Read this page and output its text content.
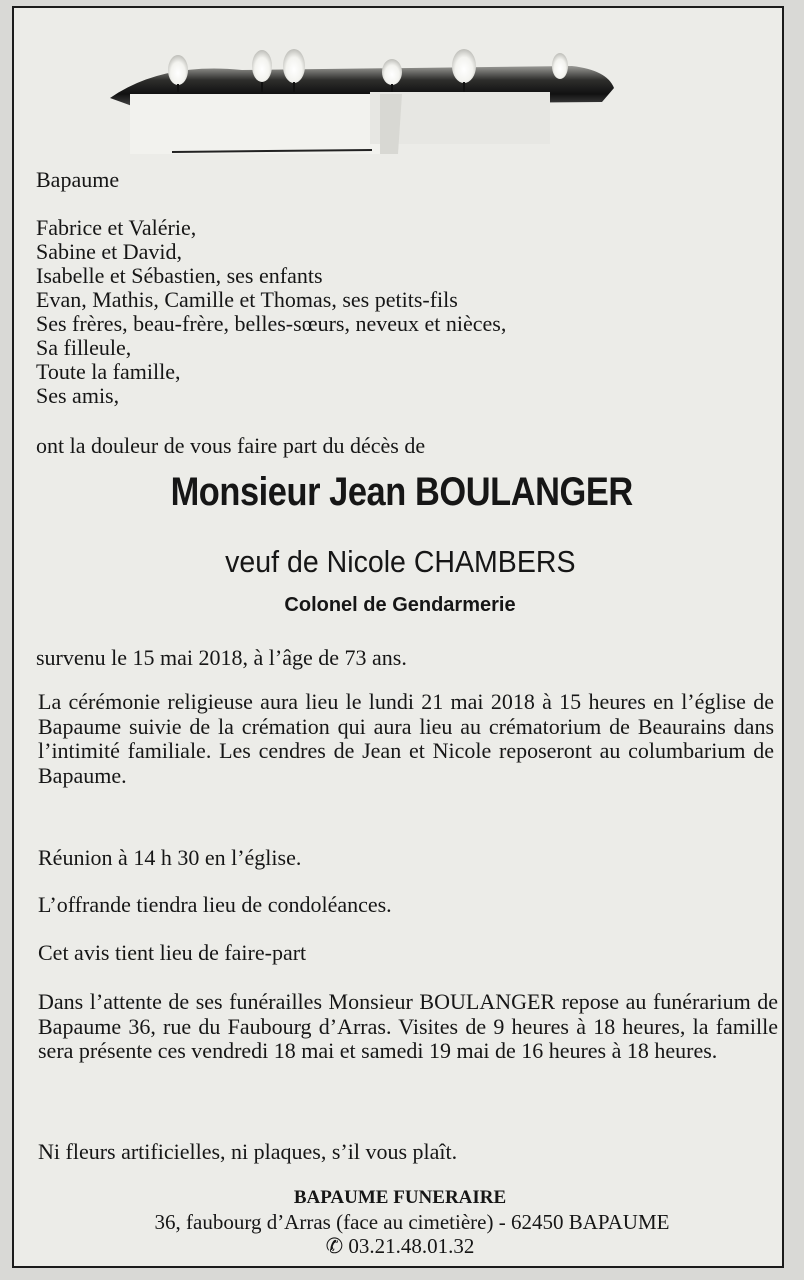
Bapaume

Fabrice et Valérie,

Sabine et David,

Isabelle et Sébastien, ses enfants

Evan, Mathis, Camille et Thomas, ses petits-fils

Ses frères, beau-frère, belles-sœurs, neveux et nièces,

Sa filleule,

Toute la famille,

Ses amis,

ont la douleur de vous faire part du décès de

Monsieur Jean BOULANGER

veuf de Nicole CHAMBERS

Colonel de Gendarmerie

survenu le 15 mai 2018, à l’âge de 73 ans.

La cérémonie religieuse aura lieu le lundi 21 mai 2018 à 15 heures en l’église de Bapaume suivie de la crémation qui aura lieu au crématorium de Beaurains dans l’intimité familiale. Les cendres de Jean et Nicole reposeront au columbarium de Bapaume.

Réunion à 14 h 30 en l’église.

L’offrande tiendra lieu de condoléances.

Cet avis tient lieu de faire-part

Dans l’attente de ses funérailles Monsieur BOULANGER repose au funérarium de Bapaume 36, rue du Faubourg d’Arras. Visites de 9 heures à 18 heures, la famille sera présente ces vendredi 18 mai et samedi 19 mai de 16 heures à 18 heures.

Ni fleurs artificielles, ni plaques, s’il vous plaît.

BAPAUME FUNERAIRE

36, faubourg d’Arras (face au cimetière) - 62450 BAPAUME

✆ 03.21.48.01.32
